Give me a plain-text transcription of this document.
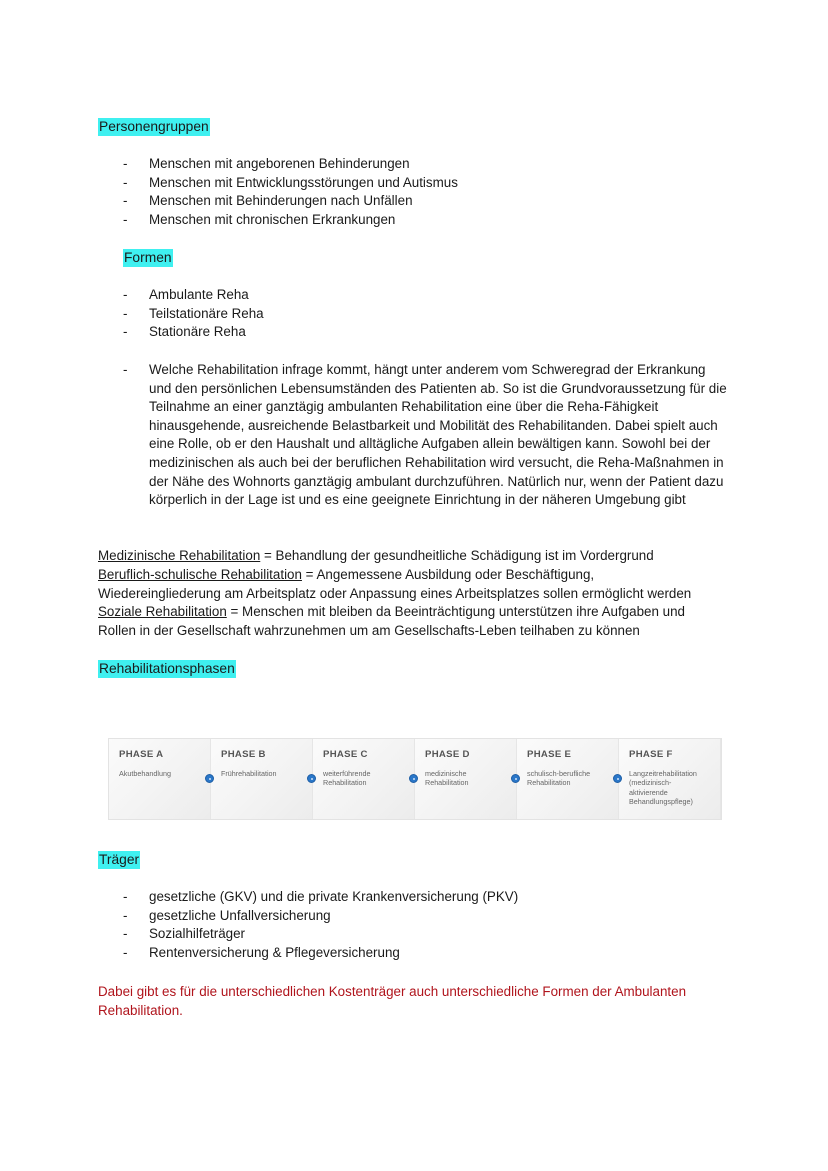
Personengruppen
- Menschen mit angeborenen Behinderungen
- Menschen mit Entwicklungsstörungen und Autismus
- Menschen mit Behinderungen nach Unfällen
- Menschen mit chronischen Erkrankungen
Formen
- Ambulante Reha
- Teilstationäre Reha
- Stationäre Reha
- Welche Rehabilitation infrage kommt, hängt unter anderem vom Schweregrad der Erkrankung und den persönlichen Lebensumständen des Patienten ab. So ist die Grundvoraussetzung für die Teilnahme an einer ganztägig ambulanten Rehabilitation eine über die Reha-Fähigkeit hinausgehende, ausreichende Belastbarkeit und Mobilität des Rehabilitanden. Dabei spielt auch eine Rolle, ob er den Haushalt und alltägliche Aufgaben allein bewältigen kann. Sowohl bei der medizinischen als auch bei der beruflichen Rehabilitation wird versucht, die Reha-Maßnahmen in der Nähe des Wohnorts ganztägig ambulant durchzuführen. Natürlich nur, wenn der Patient dazu körperlich in der Lage ist und es eine geeignete Einrichtung in der näheren Umgebung gibt
Medizinische Rehabilitation = Behandlung der gesundheitliche Schädigung ist im Vordergrund
Beruflich-schulische Rehabilitation = Angemessene Ausbildung oder Beschäftigung,
Wiedereingliederung am Arbeitsplatz oder Anpassung eines Arbeitsplatzes sollen ermöglicht werden
Soziale Rehabilitation = Menschen mit bleiben da Beeinträchtigung unterstützen ihre Aufgaben und
Rollen in der Gesellschaft wahrzunehmen um am Gesellschafts-Leben teilhaben zu können
Rehabilitationsphasen
PHASE A
Akutbehandlung
PHASE B
Frührehabilitation
PHASE C
weiterführende
Rehabilitation
PHASE D
medizinische
Rehabilitation
PHASE E
schulisch-berufliche
Rehabilitation
PHASE F
Langzeitrehabilitation
(medizinisch-
aktivierende
Behandlungspflege)
Träger
- gesetzliche (GKV) und die private Krankenversicherung (PKV)
- gesetzliche Unfallversicherung
- Sozialhilfeträger
- Rentenversicherung & Pflegeversicherung
Dabei gibt es für die unterschiedlichen Kostenträger auch unterschiedliche Formen der Ambulanten Rehabilitation.
